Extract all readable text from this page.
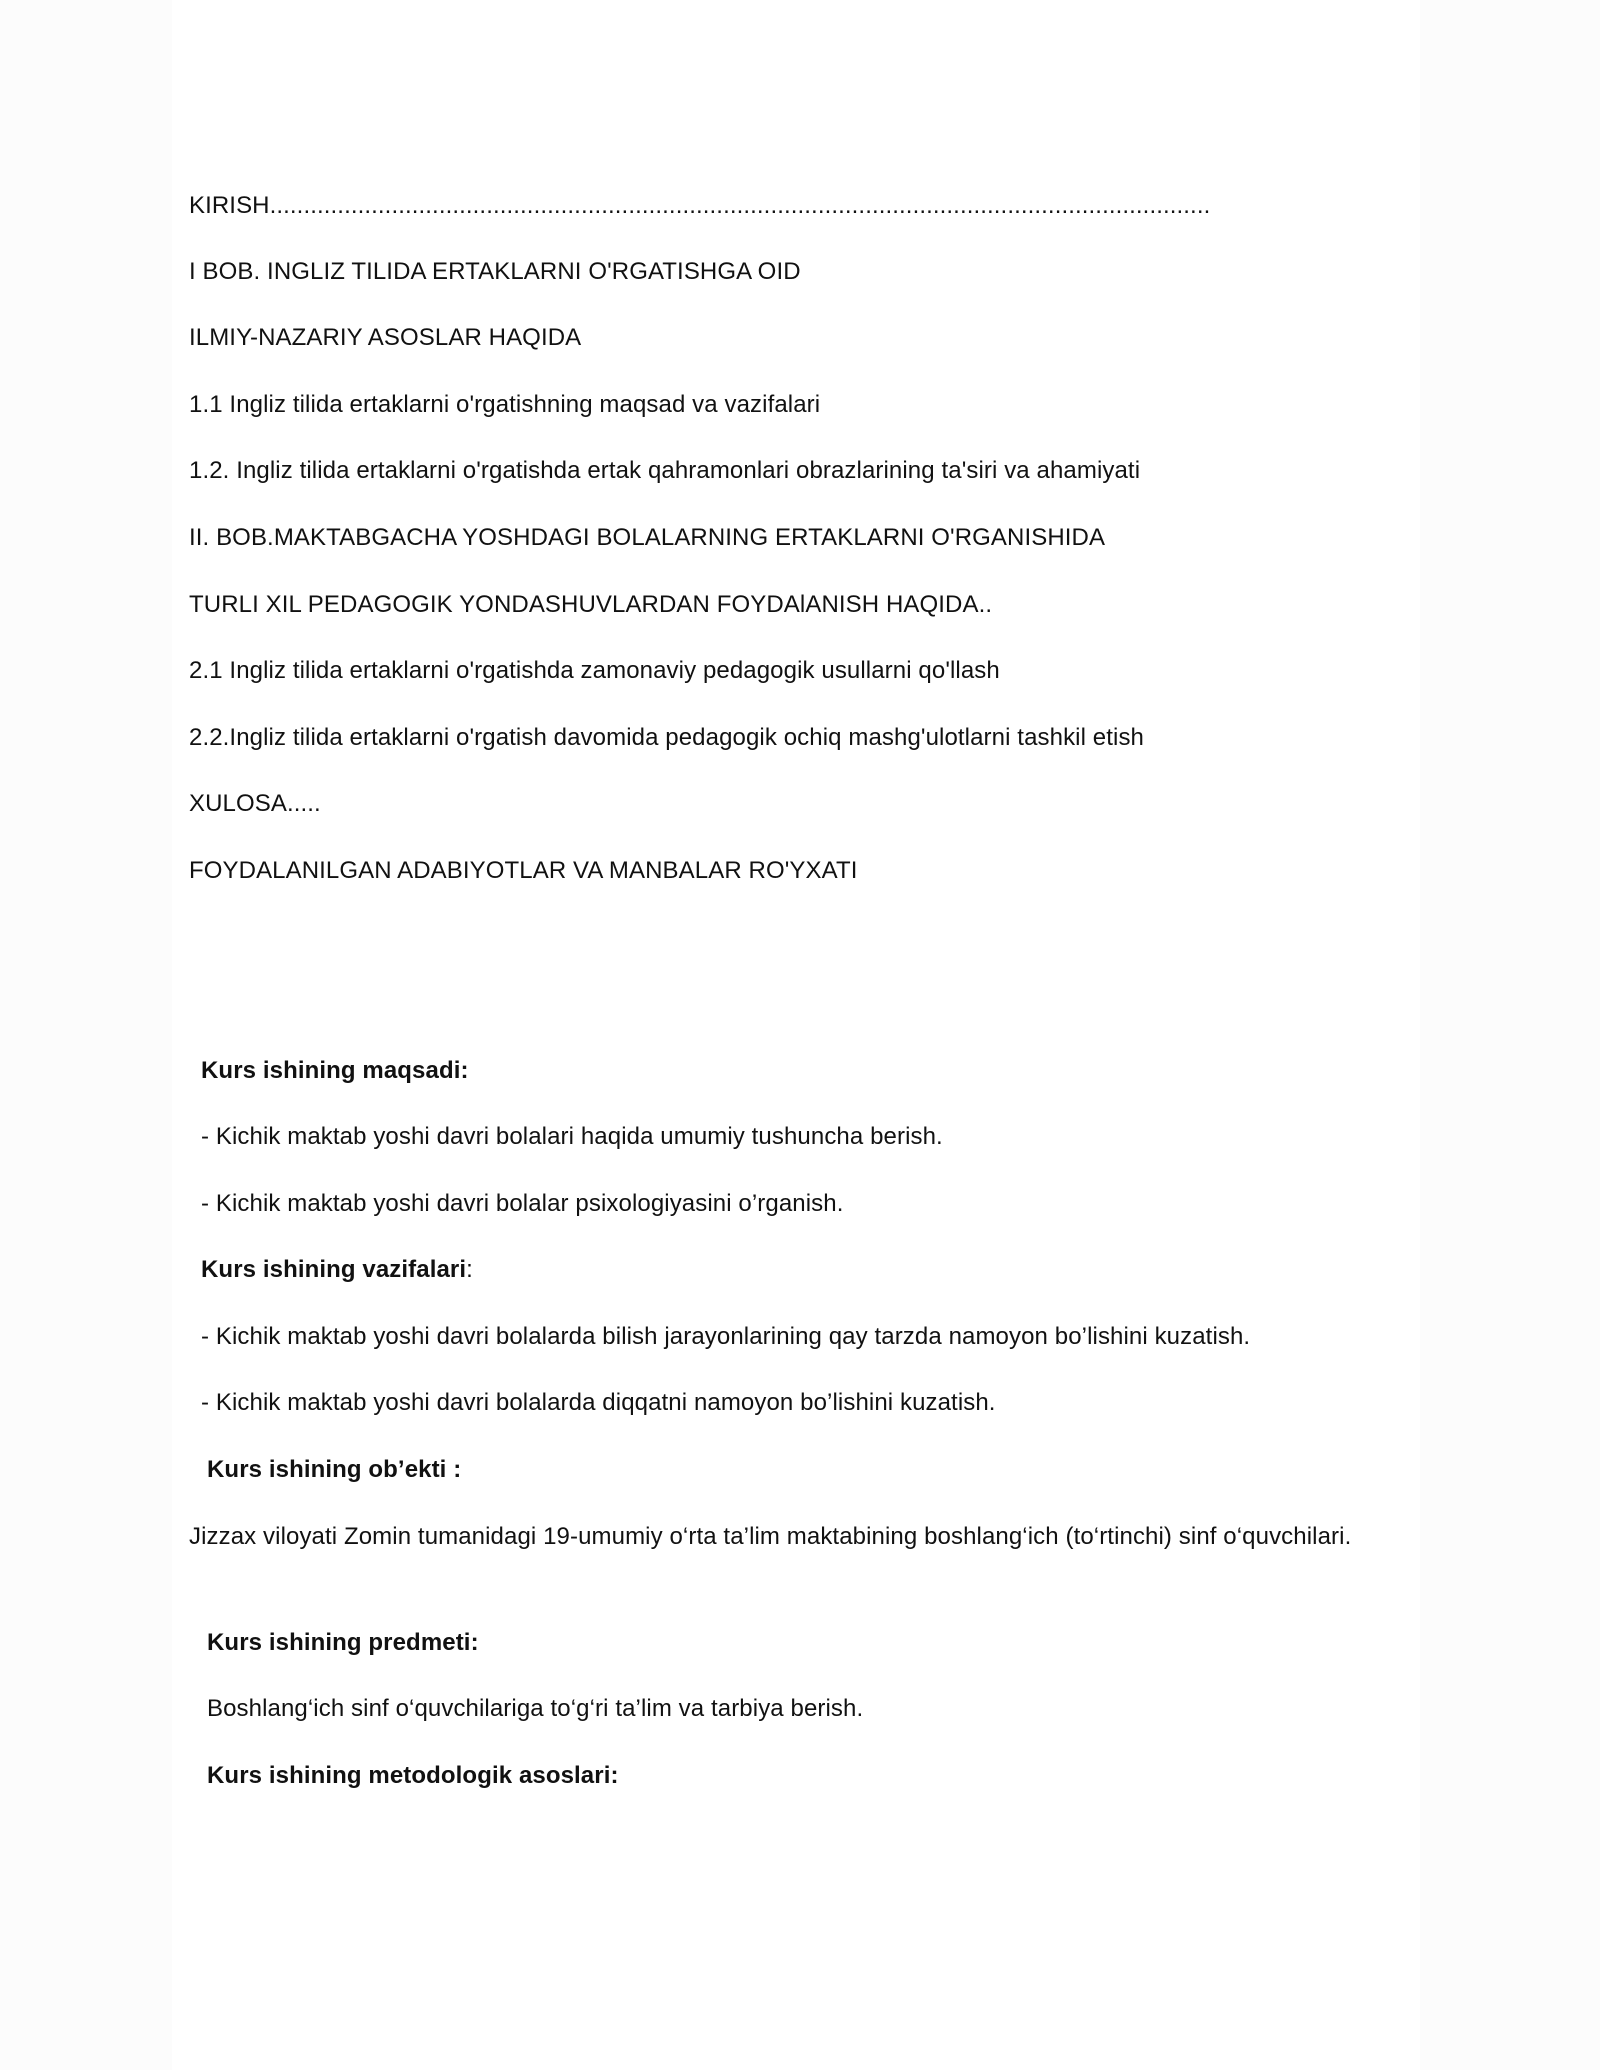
KIRISH...........................................................................................................................................
I BOB. INGLIZ TILIDA ERTAKLARNI O'RGATISHGA OID
ILMIY-NAZARIY ASOSLAR HAQIDA
1.1 Ingliz tilida ertaklarni o'rgatishning maqsad va vazifalari
1.2. Ingliz tilida ertaklarni o'rgatishda ertak qahramonlari obrazlarining ta'siri va ahamiyati
II. BOB.MAKTABGACHA YOSHDAGI BOLALARNING ERTAKLARNI O'RGANISHIDA
TURLI XIL PEDAGOGIK YONDASHUVLARDAN FOYDAlANISH HAQIDA..
2.1 Ingliz tilida ertaklarni o'rgatishda zamonaviy pedagogik usullarni qo'llash
2.2.Ingliz tilida ertaklarni o'rgatish davomida pedagogik ochiq mashg'ulotlarni tashkil etish
XULOSA.....
FOYDALANILGAN ADABIYOTLAR VA MANBALAR RO'YXATI
Kurs ishining maqsadi:
- Kichik maktab yoshi davri bolalari haqida umumiy tushuncha berish.
- Kichik maktab yoshi davri bolalar psixologiyasini o’rganish.
Kurs ishining vazifalari:
- Kichik maktab yoshi davri bolalarda bilish jarayonlarining qay tarzda namoyon bo’lishini kuzatish.
- Kichik maktab yoshi davri bolalarda diqqatni namoyon bo’lishini kuzatish.
Kurs ishining ob’ekti :
Jizzax viloyati Zomin tumanidagi 19-umumiy o‘rta ta’lim maktabining boshlang‘ich (to‘rtinchi) sinf o‘quvchilari.
Kurs ishining predmeti:
Boshlang‘ich sinf o‘quvchilariga to‘g‘ri ta’lim va tarbiya berish.
Kurs ishining metodologik asoslari:
